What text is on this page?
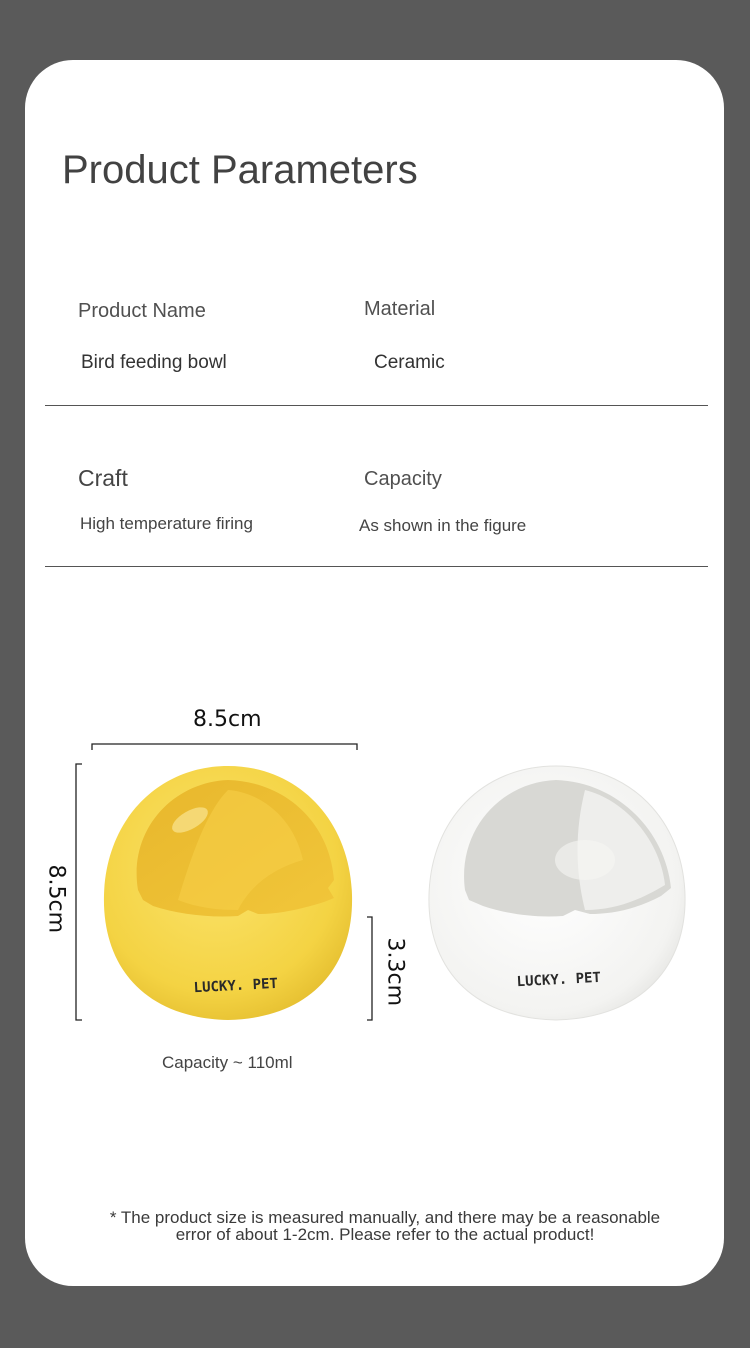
Product Parameters
Product Name
Bird feeding bowl
Material
Ceramic
Craft
High temperature firing
Capacity
As shown in the figure
8.5cm
8.5cm
3.3cm
LUCKY. PET	LUCKY. PET
Capacity ~ 110ml
* The product size is measured manually, and there may be a reasonable
error of about 1-2cm. Please refer to the actual product!
